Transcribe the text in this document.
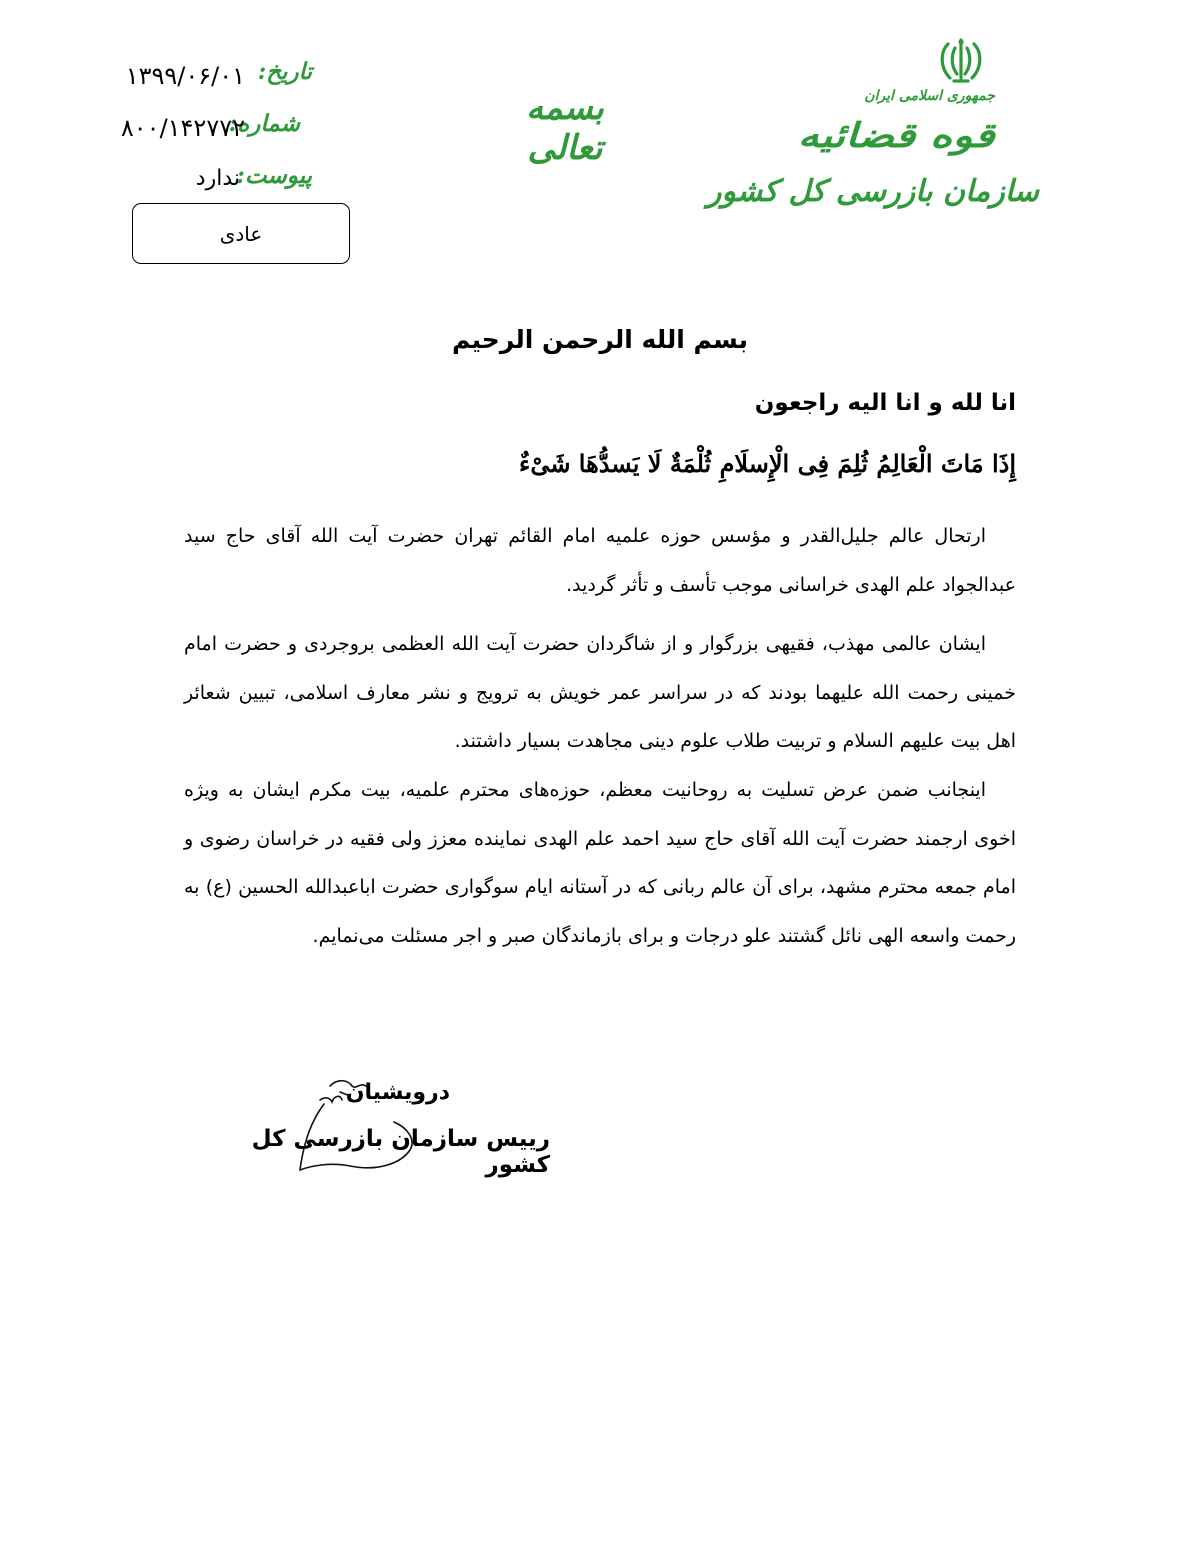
جمهوری اسلامی ایران
قوه قضائیه
سازمان بازرسی کل کشور
بسمه تعالی
تاریخ:
۱۳۹۹/۰۶/۰۱
شماره:
۸۰۰/۱۴۲۷۷۲
پیوست:
ندارد
عادی
بسم الله الرحمن الرحیم
انا لله و انا الیه راجعون
إِذَا مَاتَ الْعَالِمُ ثُلِمَ فِی الْإِسلَامِ ثُلْمَةٌ لَا یَسدُّهَا شَیْءٌ

ارتحال عالم جلیل‌القدر و مؤسس حوزه علمیه امام القائم تهران حضرت آیت الله آقای حاج سید عبدالجواد علم الهدی خراسانی موجب تأسف و تأثر گردید.

ایشان عالمی مهذب، فقیهی بزرگوار و از شاگردان حضرت آیت الله العظمی بروجردی و حضرت امام خمینی رحمت الله علیهما بودند که در سراسر عمر خویش به ترویج و نشر معارف اسلامی، تبیین شعائر اهل بیت علیهم السلام و تربیت طلاب علوم دینی مجاهدت بسیار داشتند.

اینجانب ضمن عرض تسلیت به روحانیت معظم، حوزه‌های محترم علمیه، بیت مکرم ایشان به ویژه اخوی ارجمند حضرت آیت الله آقای حاج سید احمد علم الهدی نماینده معزز ولی فقیه در خراسان رضوی و امام جمعه محترم مشهد، برای آن عالم ربانی که در آستانه ایام سوگواری حضرت اباعبدالله الحسین (ع) به رحمت واسعه الهی نائل گشتند علو درجات و برای بازماندگان صبر و اجر مسئلت می‌نمایم.

درویشیان
رییس سازمان بازرسی کل کشور
